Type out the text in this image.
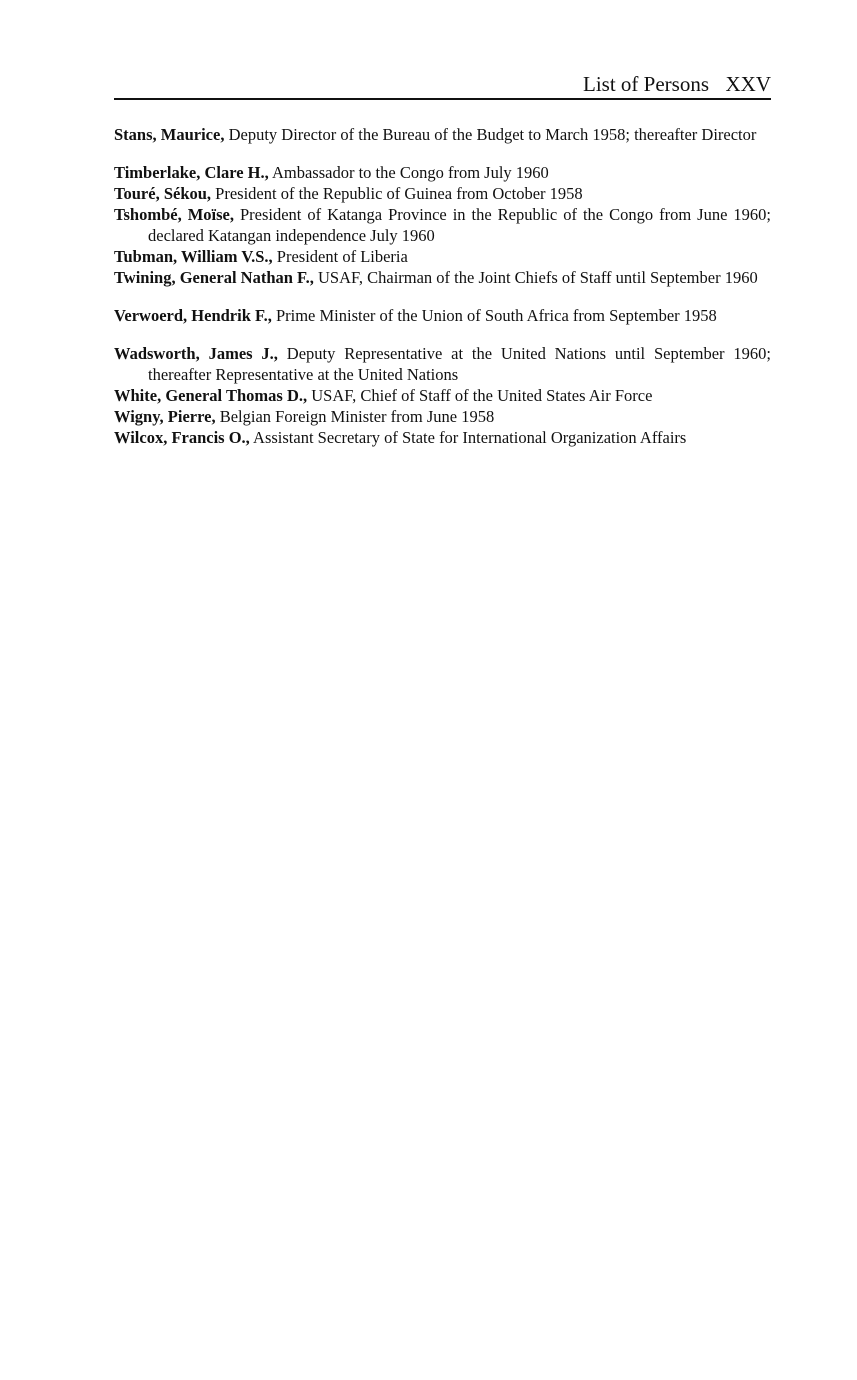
List of Persons XXV
Stans, Maurice, Deputy Director of the Bureau of the Budget to March 1958; thereafter Director
Timberlake, Clare H., Ambassador to the Congo from July 1960
Touré, Sékou, President of the Republic of Guinea from October 1958
Tshombé, Moïse, President of Katanga Province in the Republic of the Congo from June 1960; declared Katangan independence July 1960
Tubman, William V.S., President of Liberia
Twining, General Nathan F., USAF, Chairman of the Joint Chiefs of Staff until September 1960
Verwoerd, Hendrik F., Prime Minister of the Union of South Africa from September 1958
Wadsworth, James J., Deputy Representative at the United Nations until September 1960; thereafter Representative at the United Nations
White, General Thomas D., USAF, Chief of Staff of the United States Air Force
Wigny, Pierre, Belgian Foreign Minister from June 1958
Wilcox, Francis O., Assistant Secretary of State for International Organization Affairs
